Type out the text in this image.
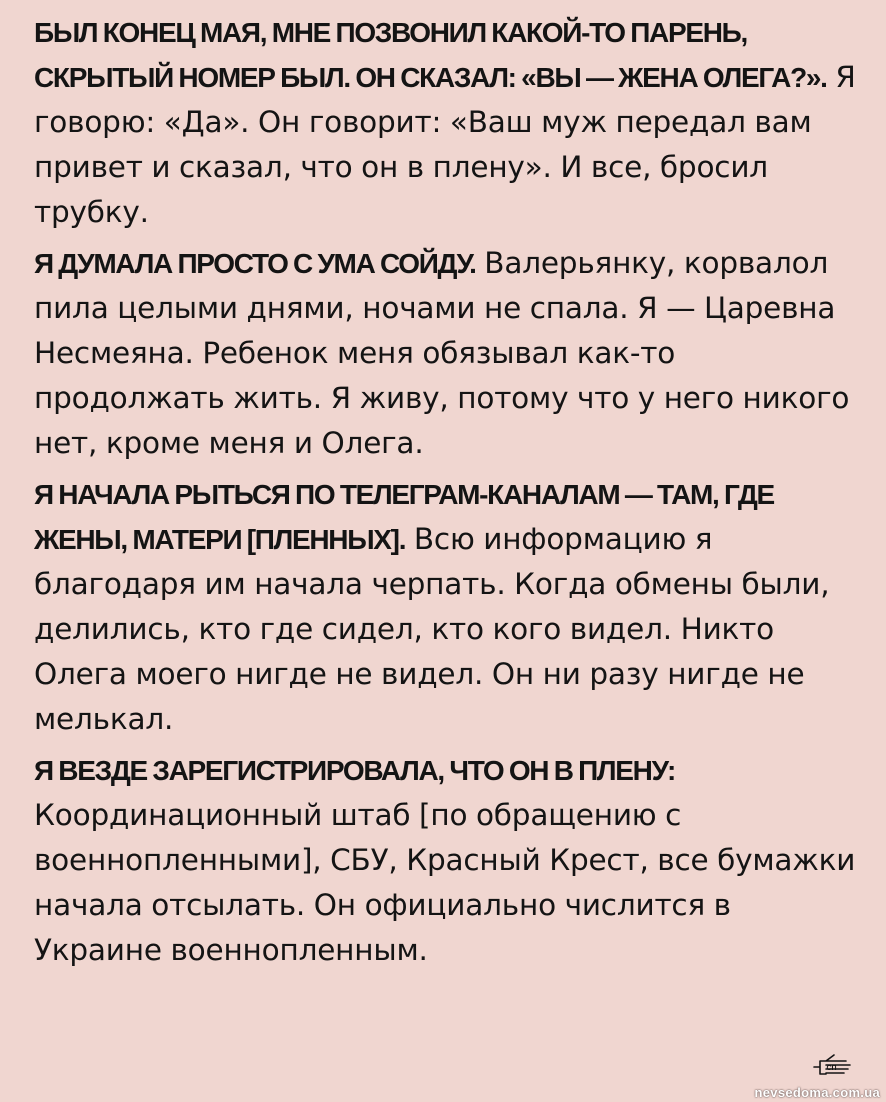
БЫЛ КОНЕЦ МАЯ, МНЕ ПОЗВОНИЛ КАКОЙ-ТО ПАРЕНЬ, СКРЫТЫЙ НОМЕР БЫЛ. ОН СКАЗАЛ: «ВЫ — ЖЕНА ОЛЕГА?». Я говорю: «Да». Он говорит: «Ваш муж передал вам привет и сказал, что он в плену». И все, бросил трубку.

Я ДУМАЛА ПРОСТО С УМА СОЙДУ. Валерьянку, корвалол пила целыми днями, ночами не спала. Я — Царевна Несмеяна. Ребенок меня обязывал как-то продолжать жить. Я живу, потому что у него никого нет, кроме меня и Олега.

Я НАЧАЛА РЫТЬСЯ ПО ТЕЛЕГРАМ-КАНАЛАМ — ТАМ, ГДЕ ЖЕНЫ, МАТЕРИ [ПЛЕННЫХ]. Всю информацию я благодаря им начала черпать. Когда обмены были, делились, кто где сидел, кто кого видел. Никто Олега моего нигде не видел. Он ни разу нигде не мелькал.

Я ВЕЗДЕ ЗАРЕГИСТРИРОВАЛА, ЧТО ОН В ПЛЕНУ: Координационный штаб [по обращению с военнопленными], СБУ, Красный Крест, все бумажки начала отсылать. Он официально числится в Украине военнопленным.

СП
nevsedoma.com.ua
